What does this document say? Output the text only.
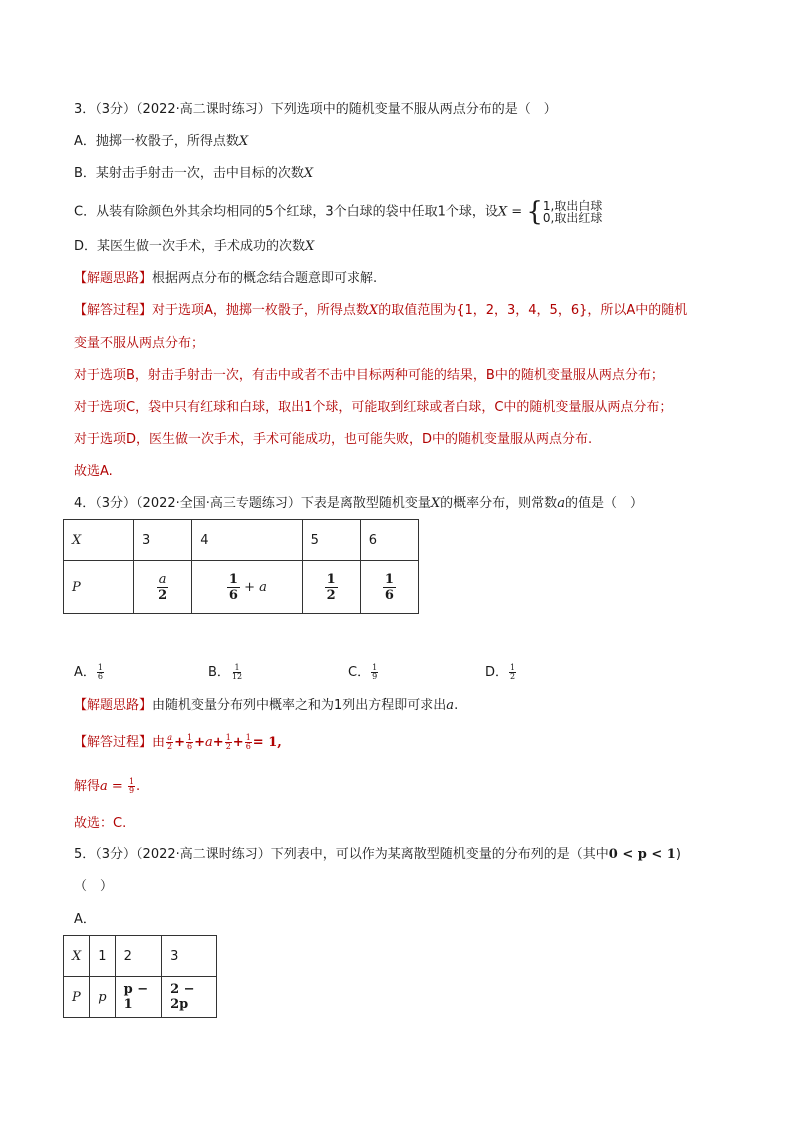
3．（3分）（2022·高二课时练习）下列选项中的随机变量不服从两点分布的是（　）
A．抛掷一枚骰子，所得点数X
B．某射击手射击一次，击中目标的次数X
C．从装有除颜色外其余均相同的5个红球，3个白球的袋中任取1个球，设X = { 1,取出白球
0,取出红球
D．某医生做一次手术，手术成功的次数X
【解题思路】根据两点分布的概念结合题意即可求解.
【解答过程】对于选项A，抛掷一枚骰子，所得点数X的取值范围为{1，2，3，4，5，6}，所以A中的随机
变量不服从两点分布；
对于选项B，射击手射击一次，有击中或者不击中目标两种可能的结果，B中的随机变量服从两点分布；
对于选项C，袋中只有红球和白球，取出1个球，可能取到红球或者白球，C中的随机变量服从两点分布；
对于选项D，医生做一次手术，手术可能成功，也可能失败，D中的随机变量服从两点分布.
故选A.
4．（3分）（2022·全国·高三专题练习）下表是离散型随机变量X的概率分布，则常数a的值是（　）
X	3	4	5	6
P	$\frac{a}{2}$	$\frac{1}{6} + a$	$\frac{1}{2}$	$\frac{1}{6}$
A． $\frac{1}{6}$	B． $\frac{1}{12}$	C． $\frac{1}{9}$	D． $\frac{1}{2}$
【解题思路】由随机变量分布列中概率之和为1列出方程即可求出a.
【解答过程】由 $\frac{a}{2} + \frac{1}{6} +a+ \frac{1}{2} + \frac{1}{6} = 1$,
解得$a = \frac{1}{9}$ .
故选：C.
5．（3分）（2022·高二课时练习）下列表中，可以作为某离散型随机变量的分布列的是（其中0 < p < 1)
（　）
A．
X	1	2	3
P	p	p − 1	2 − 2p
